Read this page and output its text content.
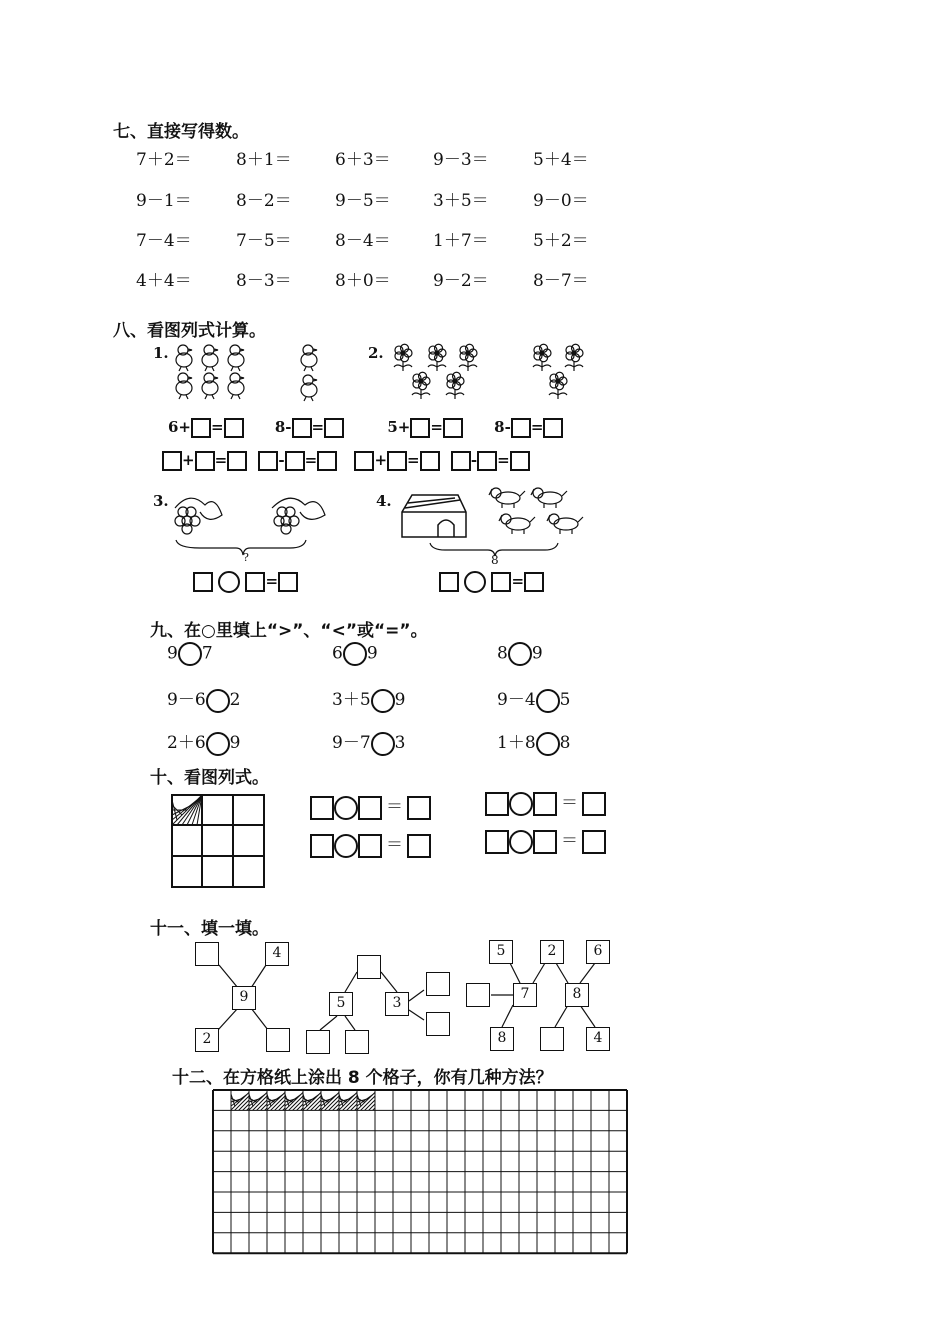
七、直接写得数。
7＋2＝	8＋1＝	6＋3＝ 9－3＝	5＋4＝
9－1＝	8－2＝	9－5＝ 3＋5＝	9－0＝
7－4＝	7－5＝	8－4＝ 1＋7＝	5＋2＝
4＋4＝	8－3＝	8＋0＝ 9－2＝	8－7＝
八、看图列式计算。
1.	2.
3.	4.
?	8
6+ =	8- =	5+ =	8- =
+ =	- =	+ =	- =
=	=
九、在○里填上“>”、“<”或“=”。
9 7	6 9	8 9
9－6 2	3＋5 9	9－4 5
2＋6 9	9－7 3	1＋8 8
十、看图列式。
＝	＝
＝	＝
十一、填一填。
4
9
2
5	3
5	2	6
7	8
8	4
十二、在方格纸上涂出 8 个格子，你有几种方法？
